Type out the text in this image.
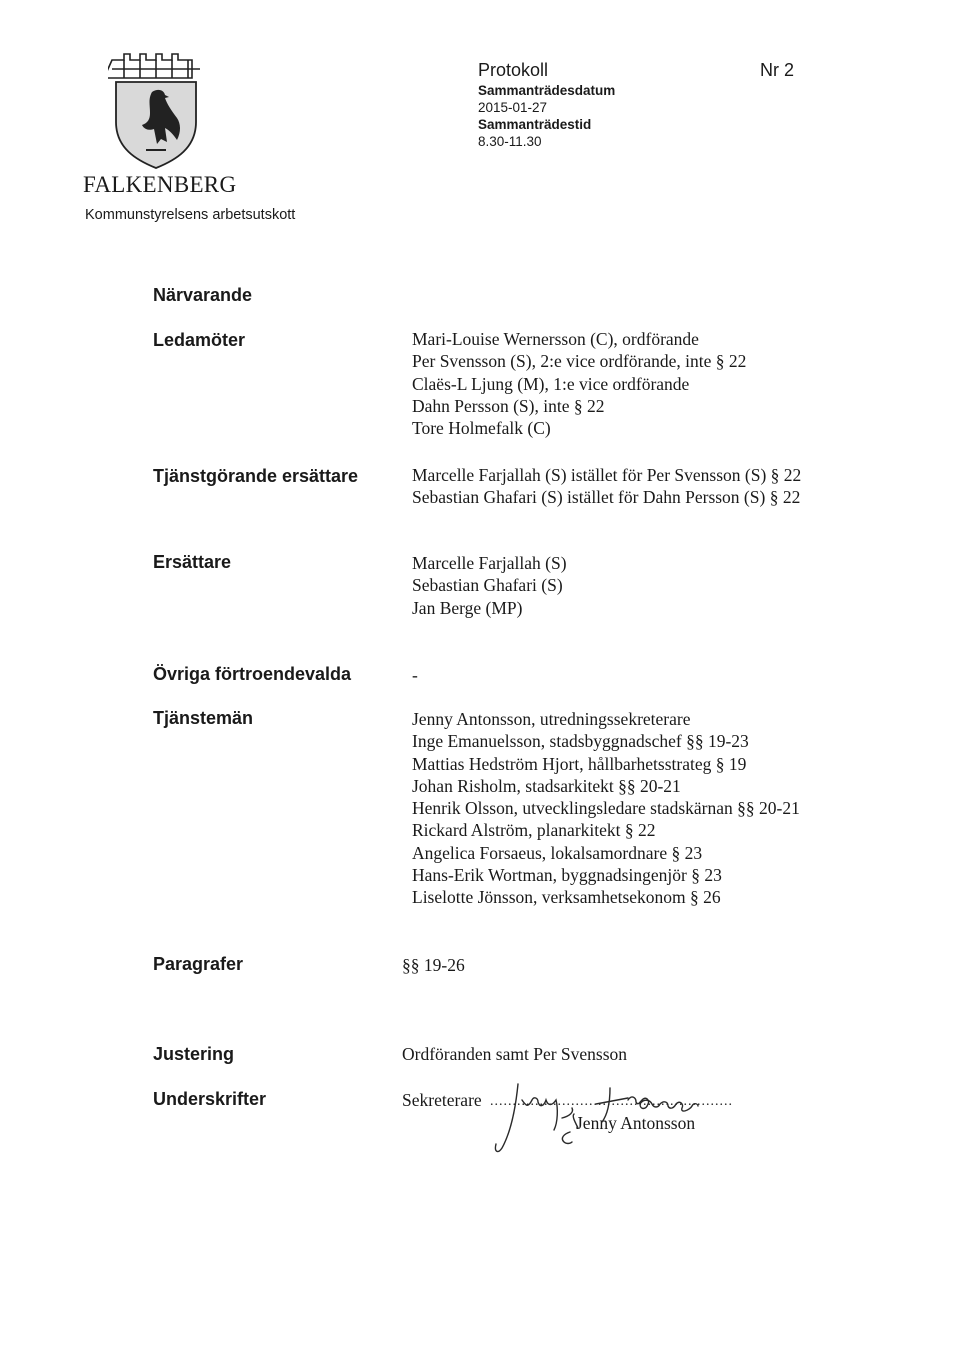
FALKENBERG
Kommunstyrelsens arbetsutskott
Protokoll	Nr 2
Sammanträdesdatum
2015-01-27
Sammanträdestid
8.30-11.30
Närvarande
Ledamöter	Mari-Louise Wernersson (C), ordförande
Per Svensson (S), 2:e vice ordförande, inte § 22
Claës-L Ljung (M), 1:e vice ordförande
Dahn Persson (S), inte § 22
Tore Holmefalk (C)
Tjänstgörande ersättare	Marcelle Farjallah (S) istället för Per Svensson (S) § 22
Sebastian Ghafari (S) istället för Dahn Persson (S) § 22
Ersättare	Marcelle Farjallah (S)
Sebastian Ghafari (S)
Jan Berge (MP)
Övriga förtroendevalda	-
Tjänstemän	Jenny Antonsson, utredningssekreterare
Inge Emanuelsson, stadsbyggnadschef §§ 19-23
Mattias Hedström Hjort, hållbarhetsstrateg § 19
Johan Risholm, stadsarkitekt §§ 20-21
Henrik Olsson, utvecklingsledare stadskärnan §§ 20-21
Rickard Alström, planarkitekt § 22
Angelica Forsaeus, lokalsamordnare § 23
Hans-Erik Wortman, byggnadsingenjör § 23
Liselotte Jönsson, verksamhetsekonom § 26
Paragrafer	§§ 19-26
Justering	Ordföranden samt Per Svensson
Underskrifter	Sekreterare ......................................................
Jenny Antonsson
